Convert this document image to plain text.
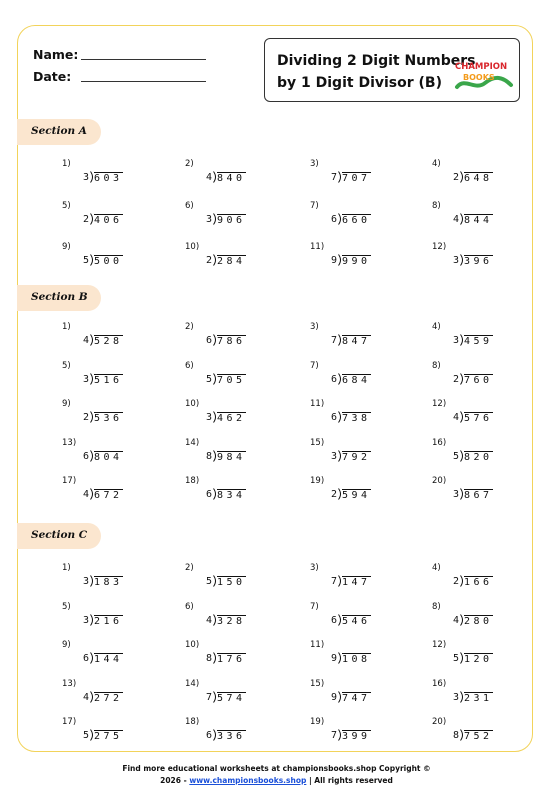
Name:
Date:
Dividing 2 Digit Numbers
by 1 Digit Divisor (B)
CHAMPION
BOOKS
Section A
1)
3 603
2)
4 840
3)
7 707
4)
2 648
5)
2 406
6)
3 906
7)
6 660
8)
4 844
9)
5 500
10)
2 284
11)
9 990
12)
3 396
Section B
1)
4 528
2)
6 786
3)
7 847
4)
3 459
5)
3 516
6)
5 705
7)
6 684
8)
2 760
9)
2 536
10)
3 462
11)
6 738
12)
4 576
13)
6 804
14)
8 984
15)
3 792
16)
5 820
17)
4 672
18)
6 834
19)
2 594
20)
3 867
Section C
1)
3 183
2)
5 150
3)
7 147
4)
2 166
5)
3 216
6)
4 328
7)
6 546
8)
4 280
9)
6 144
10)
8 176
11)
9 108
12)
5 120
13)
4 272
14)
7 574
15)
9 747
16)
3 231
17)
5 275
18)
6 336
19)
7 399
20)
8 752
Find more educational worksheets at championsbooks.shop Copyright ©
2026 - www.championsbooks.shop | All rights reserved
